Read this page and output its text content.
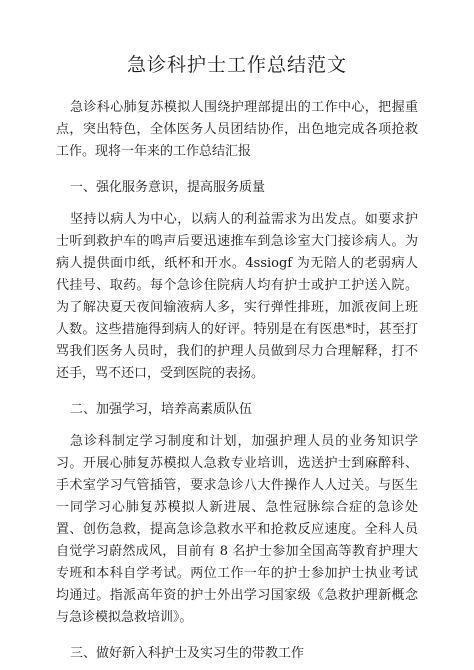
急诊科护士工作总结范文

急诊科心肺复苏模拟人围绕护理部提出的工作中心，把握重点，突出特色，全体医务人员团结协作，出色地完成各项抢救工作。现将一年来的工作总结汇报

一、强化服务意识，提高服务质量

坚持以病人为中心，以病人的利益需求为出发点。如要求护士听到救护车的鸣声后要迅速推车到急诊室大门接诊病人。为病人提供面巾纸，纸杯和开水。4ssiogf 为无陪人的老弱病人代挂号、取药。每个急诊住院病人均有护士或护工护送入院。为了解决夏天夜间输液病人多，实行弹性排班，加派夜间上班人数。这些措施得到病人的好评。特别是在有医患*时，甚至打骂我们医务人员时，我们的护理人员做到尽力合理解释，打不还手，骂不还口，受到医院的表扬。

二、加强学习，培养高素质队伍

急诊科制定学习制度和计划，加强护理人员的业务知识学习。开展心肺复苏模拟人急救专业培训，选送护士到麻醉科、手术室学习气管插管，要求急诊八大件操作人人过关。与医生一同学习心肺复苏模拟人新进展、急性冠脉综合症的急诊处置、创伤急救，提高急诊急救水平和抢救反应速度。全科人员自觉学习蔚然成风，目前有 8 名护士参加全国高等教育护理大专班和本科自学考试。两位工作一年的护士参加护士执业考试均通过。指派高年资的护士外出学习国家级《急救护理新概念与急诊模拟急救培训》。

三、做好新入科护士及实习生的带教工作
